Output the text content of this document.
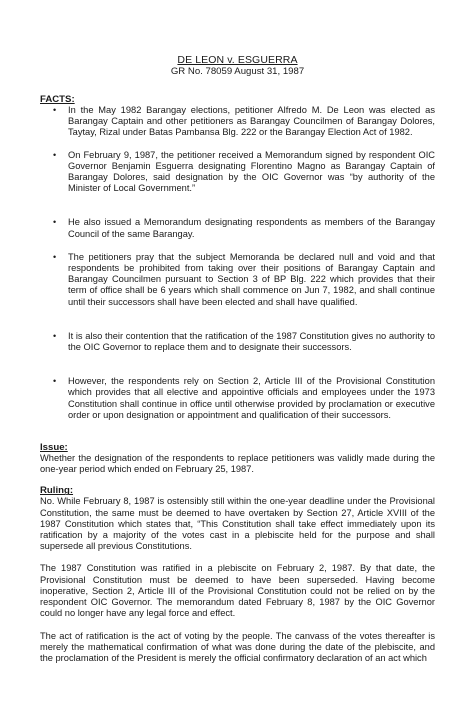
DE LEON v. ESGUERRA
GR No. 78059 August 31, 1987
FACTS:
• In the May 1982 Barangay elections, petitioner Alfredo M. De Leon was elected as Barangay Captain and other petitioners as Barangay Councilmen of Barangay Dolores, Taytay, Rizal under Batas Pambansa Blg. 222 or the Barangay Election Act of 1982.
• On February 9, 1987, the petitioner received a Memorandum signed by respondent OIC Governor Benjamin Esguerra designating Florentino Magno as Barangay Captain of Barangay Dolores, said designation by the OIC Governor was “by authority of the Minister of Local Government.”
• He also issued a Memorandum designating respondents as members of the Barangay Council of the same Barangay.
• The petitioners pray that the subject Memoranda be declared null and void and that respondents be prohibited from taking over their positions of Barangay Captain and Barangay Councilmen pursuant to Section 3 of BP Blg. 222 which provides that their term of office shall be 6 years which shall commence on Jun 7, 1982, and shall continue until their successors shall have been elected and shall have qualified.
• It is also their contention that the ratification of the 1987 Constitution gives no authority to the OIC Governor to replace them and to designate their successors.
• However, the respondents rely on Section 2, Article III of the Provisional Constitution which provides that all elective and appointive officials and employees under the 1973 Constitution shall continue in office until otherwise provided by proclamation or executive order or upon designation or appointment and qualification of their successors.
Issue:
Whether the designation of the respondents to replace petitioners was validly made during the one-year period which ended on February 25, 1987.
Ruling:
No. While February 8, 1987 is ostensibly still within the one-year deadline under the Provisional Constitution, the same must be deemed to have overtaken by Section 27, Article XVIII of the 1987 Constitution which states that, “This Constitution shall take effect immediately upon its ratification by a majority of the votes cast in a plebiscite held for the purpose and shall supersede all previous Constitutions.
The 1987 Constitution was ratified in a plebiscite on February 2, 1987. By that date, the Provisional Constitution must be deemed to have been superseded. Having become inoperative, Section 2, Article III of the Provisional Constitution could not be relied on by the respondent OIC Governor. The memorandum dated February 8, 1987 by the OIC Governor could no longer have any legal force and effect.
The act of ratification is the act of voting by the people. The canvass of the votes thereafter is merely the mathematical confirmation of what was done during the date of the plebiscite, and the proclamation of the President is merely the official confirmatory declaration of an act which
